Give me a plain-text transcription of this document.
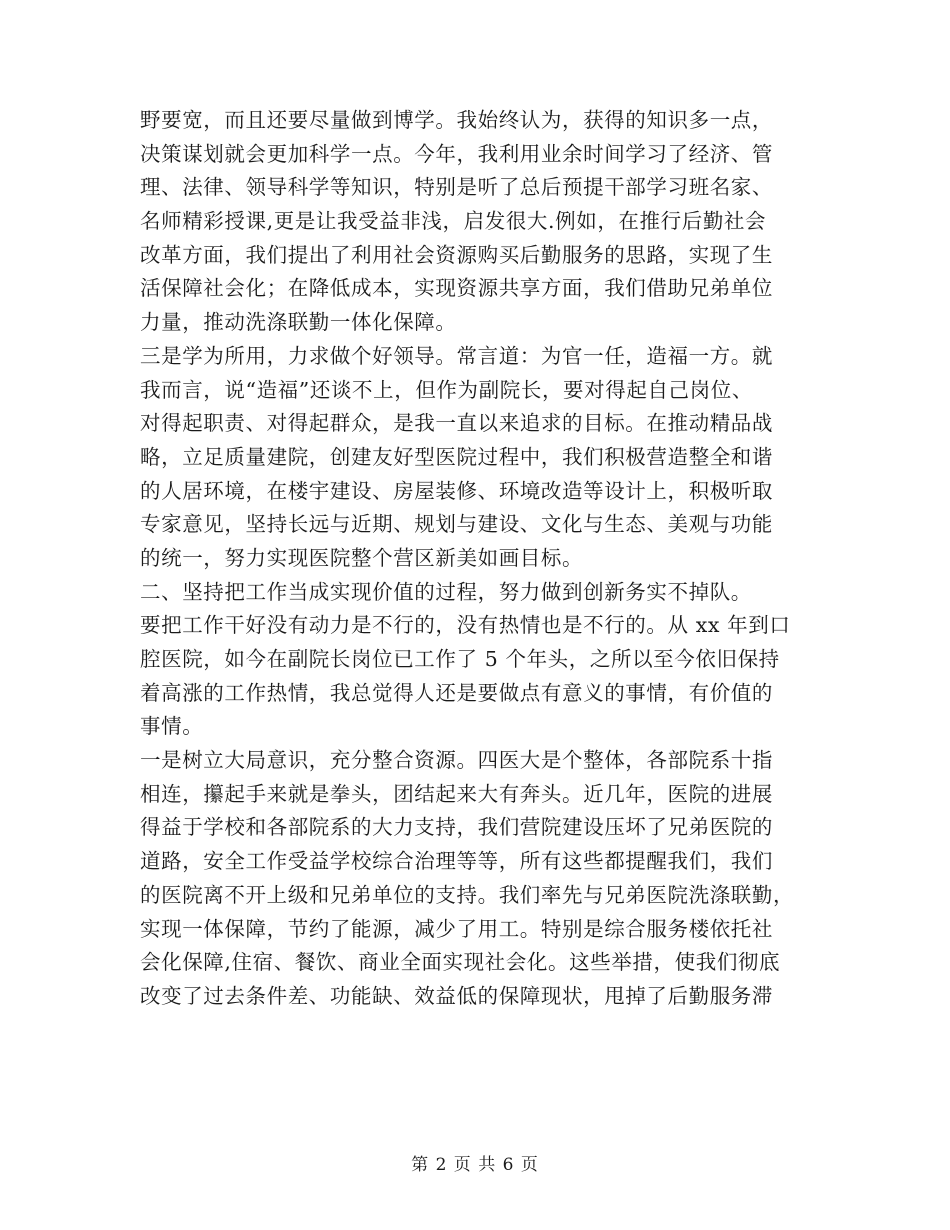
野要宽，而且还要尽量做到博学。我始终认为，获得的知识多一点，
决策谋划就会更加科学一点。今年，我利用业余时间学习了经济、管
理、法律、领导科学等知识，特别是听了总后预提干部学习班名家、
名师精彩授课,更是让我受益非浅，启发很大.例如，在推行后勤社会
改革方面，我们提出了利用社会资源购买后勤服务的思路，实现了生
活保障社会化；在降低成本，实现资源共享方面，我们借助兄弟单位
力量，推动洗涤联勤一体化保障。
三是学为所用，力求做个好领导。常言道：为官一任，造福一方。就
我而言，说“造福”还谈不上，但作为副院长，要对得起自己岗位、
对得起职责、对得起群众，是我一直以来追求的目标。在推动精品战
略，立足质量建院，创建友好型医院过程中，我们积极营造整全和谐
的人居环境，在楼宇建设、房屋装修、环境改造等设计上，积极听取
专家意见，坚持长远与近期、规划与建设、文化与生态、美观与功能
的统一，努力实现医院整个营区新美如画目标。
二、坚持把工作当成实现价值的过程，努力做到创新务实不掉队。
要把工作干好没有动力是不行的，没有热情也是不行的。从 xx 年到口
腔医院，如今在副院长岗位已工作了 5 个年头，之所以至今依旧保持
着高涨的工作热情，我总觉得人还是要做点有意义的事情，有价值的
事情。
一是树立大局意识，充分整合资源。四医大是个整体，各部院系十指
相连，攥起手来就是拳头，团结起来大有奔头。近几年，医院的进展
得益于学校和各部院系的大力支持，我们营院建设压坏了兄弟医院的
道路，安全工作受益学校综合治理等等，所有这些都提醒我们，我们
的医院离不开上级和兄弟单位的支持。我们率先与兄弟医院洗涤联勤，
实现一体保障，节约了能源，减少了用工。特别是综合服务楼依托社
会化保障,住宿、餐饮、商业全面实现社会化。这些举措，使我们彻底
改变了过去条件差、功能缺、效益低的保障现状，甩掉了后勤服务滞
第 2 页 共 6 页
